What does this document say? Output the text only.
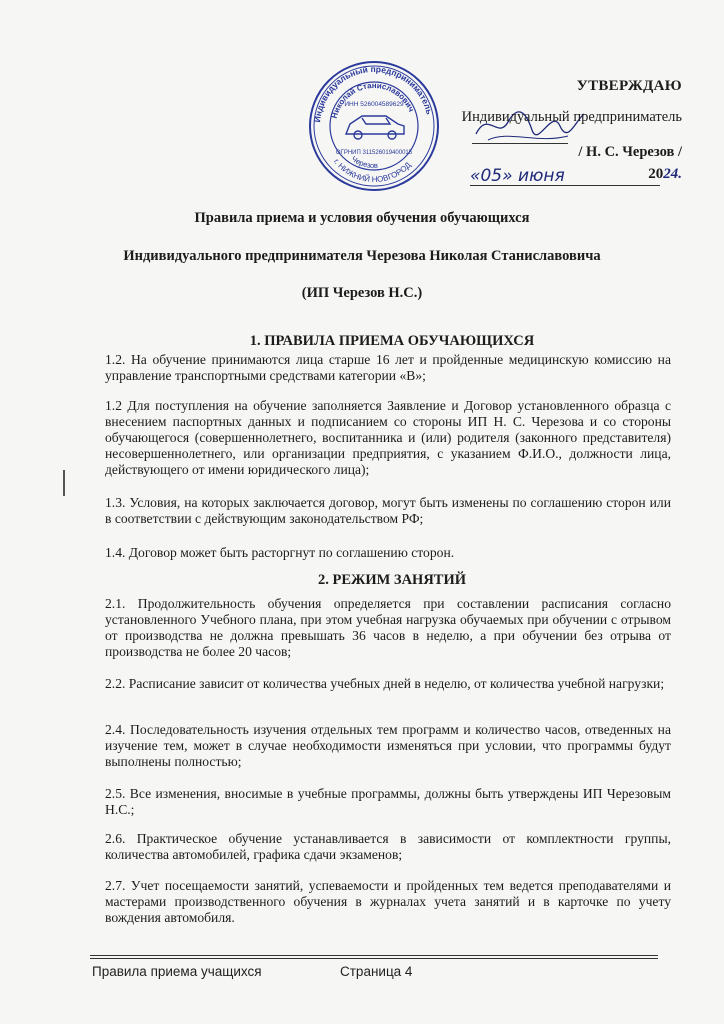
Индивидуальный предприниматель
г. НИЖНИЙ НОВГОРОД
Николай Станиславович
Черезов
ИНН 526004589629
ОГРНИП 311526019400015
УТВЕРЖДАЮ
Индивидуальный предприниматель
/ Н. С. Черезов /
«05» июня	2024.
Правила приема и условия обучения обучающихся
Индивидуального предпринимателя Черезова Николая Станиславовича
(ИП Черезов Н.С.)
1. ПРАВИЛА ПРИЕМА ОБУЧАЮЩИХСЯ
1.2. На обучение принимаются лица старше 16 лет и пройденные медицинскую комиссию на управление транспортными средствами категории «В»;
1.2 Для поступления на обучение заполняется Заявление и Договор установленного образца с внесением паспортных данных и подписанием со стороны ИП Н. С. Черезова и со стороны обучающегося (совершеннолетнего, воспитанника и (или) родителя (законного представителя) несовершеннолетнего, или организации предприятия, с указанием Ф.И.О., должности лица, действующего от имени юридического лица);
1.3. Условия, на которых заключается договор, могут быть изменены по соглашению сторон или в соответствии с действующим законодательством РФ;
1.4. Договор может быть расторгнут по соглашению сторон.
2. РЕЖИМ ЗАНЯТИЙ
2.1. Продолжительность обучения определяется при составлении расписания согласно установленного Учебного плана, при этом учебная нагрузка обучаемых при обучении с отрывом от производства не должна превышать 36 часов в неделю, а при обучении без отрыва от производства не более 20 часов;
2.2. Расписание зависит от количества учебных дней в неделю, от количества учебной нагрузки;
2.4. Последовательность изучения отдельных тем программ и количество часов, отведенных на изучение тем, может в случае необходимости изменяться при условии, что программы будут выполнены полностью;
2.5. Все изменения, вносимые в учебные программы, должны быть утверждены ИП Черезовым Н.С.;
2.6. Практическое обучение устанавливается в зависимости от комплектности группы, количества автомобилей, графика сдачи экзаменов;
2.7. Учет посещаемости занятий, успеваемости и пройденных тем ведется преподавателями и мастерами производственного обучения в журналах учета занятий и в карточке по учету вождения автомобиля.
Правила приема учащихся	Страница 4
